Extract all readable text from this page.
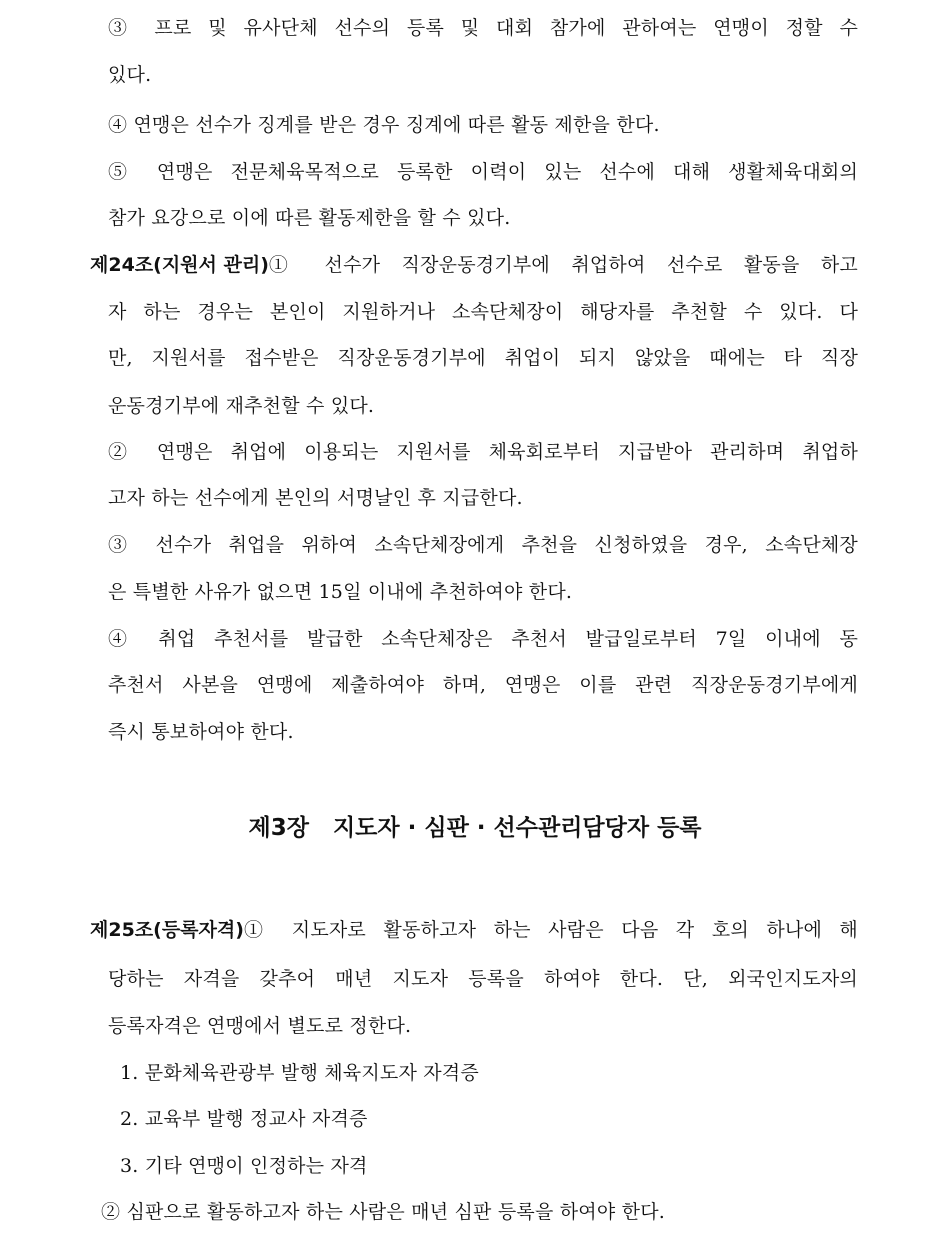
③ 프로 및 유사단체 선수의 등록 및 대회 참가에 관하여는 연맹이 정할 수
있다.
④ 연맹은 선수가 징계를 받은 경우 징계에 따른 활동 제한을 한다.
⑤ 연맹은 전문체육목적으로 등록한 이력이 있는 선수에 대해 생활체육대회의
참가 요강으로 이에 따른 활동제한을 할 수 있다.
제24조(지원서 관리) ① 선수가 직장운동경기부에 취업하여 선수로 활동을 하고
자 하는 경우는 본인이 지원하거나 소속단체장이 해당자를 추천할 수 있다. 다
만, 지원서를 접수받은 직장운동경기부에 취업이 되지 않았을 때에는 타 직장
운동경기부에 재추천할 수 있다.
② 연맹은 취업에 이용되는 지원서를 체육회로부터 지급받아 관리하며 취업하
고자 하는 선수에게 본인의 서명날인 후 지급한다.
③ 선수가 취업을 위하여 소속단체장에게 추천을 신청하였을 경우, 소속단체장
은 특별한 사유가 없으면 15일 이내에 추천하여야 한다.
④ 취업 추천서를 발급한 소속단체장은 추천서 발급일로부터 7일 이내에 동
추천서 사본을 연맹에 제출하여야 하며, 연맹은 이를 관련 직장운동경기부에게
즉시 통보하여야 한다.
제3장   지도자 · 심판 · 선수관리담당자 등록
제25조(등록자격) ① 지도자로 활동하고자 하는 사람은 다음 각 호의 하나에 해
당하는 자격을 갖추어 매년 지도자 등록을 하여야 한다. 단, 외국인지도자의
등록자격은 연맹에서 별도로 정한다.
1. 문화체육관광부 발행 체육지도자 자격증
2. 교육부 발행 정교사 자격증
3. 기타 연맹이 인정하는 자격
② 심판으로 활동하고자 하는 사람은 매년 심판 등록을 하여야 한다.
